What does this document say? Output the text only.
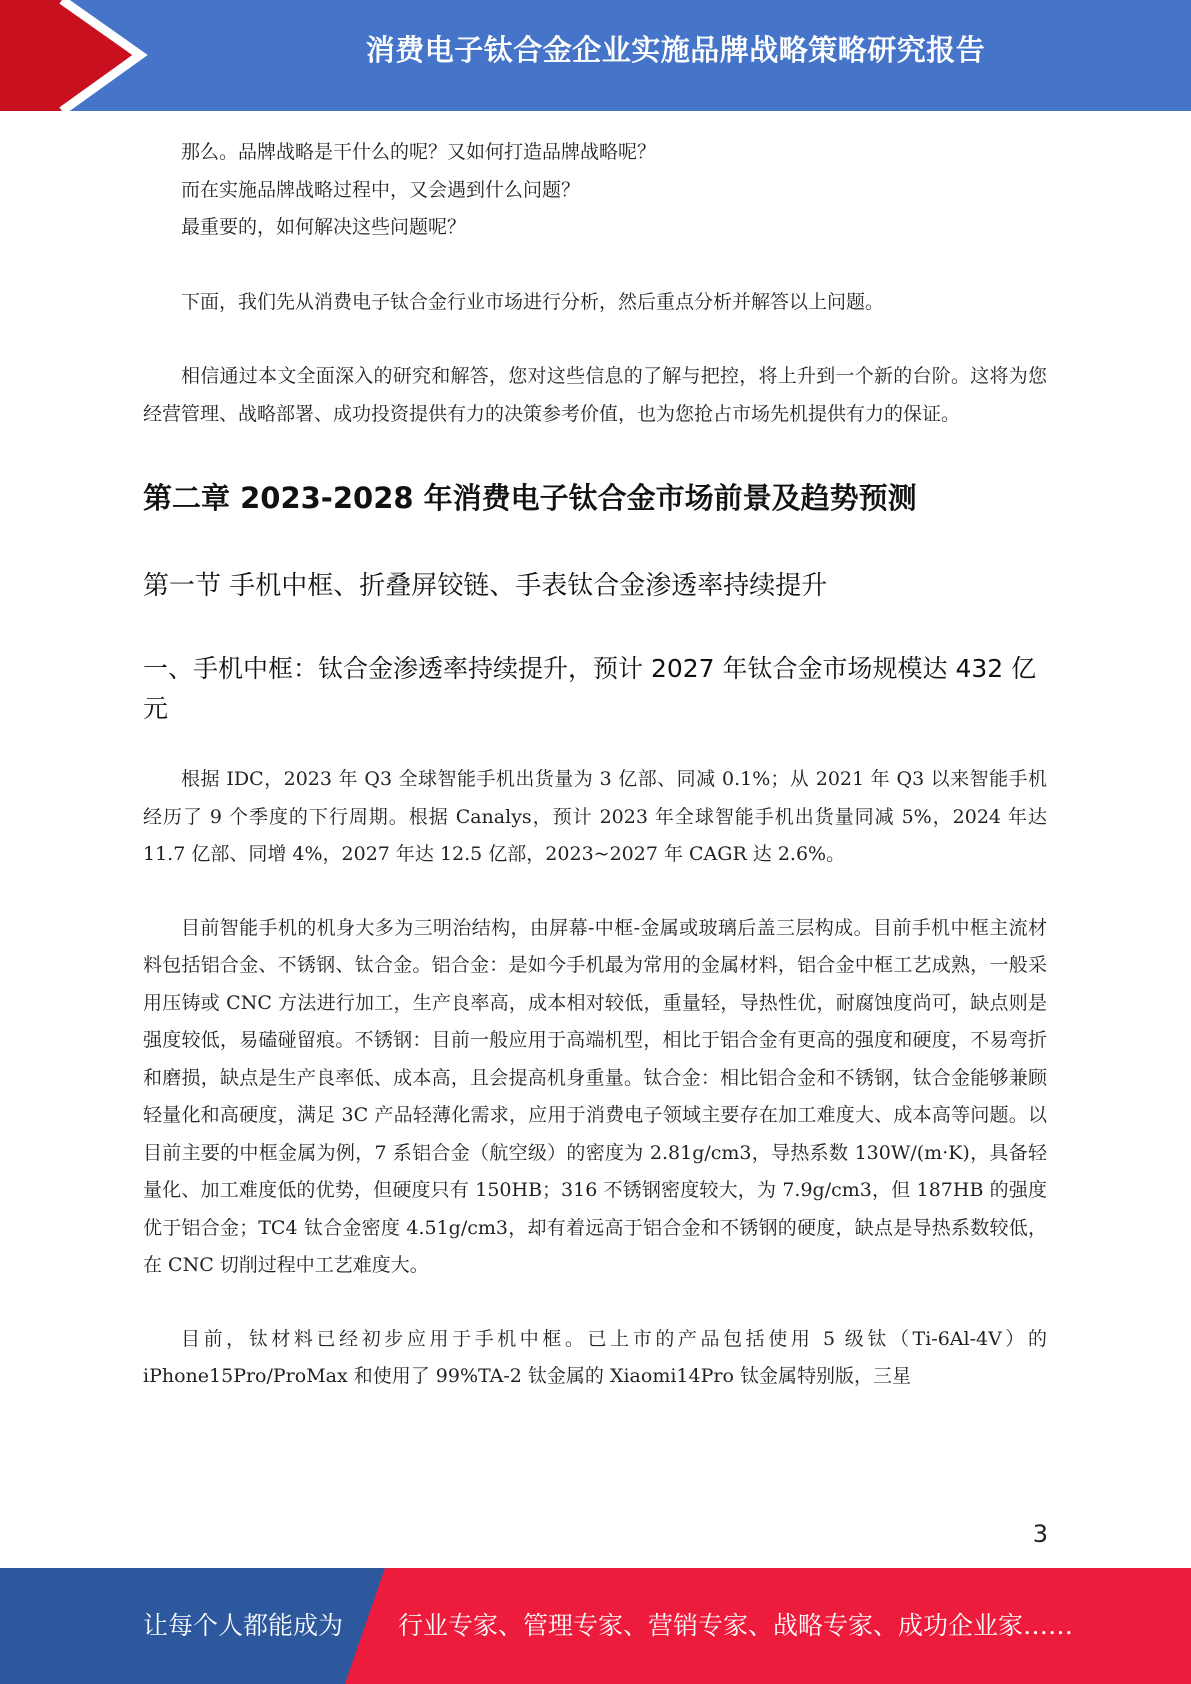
消费电子钛合金企业实施品牌战略策略研究报告

那么。品牌战略是干什么的呢？又如何打造品牌战略呢？

而在实施品牌战略过程中，又会遇到什么问题？

最重要的，如何解决这些问题呢？

下面，我们先从消费电子钛合金行业市场进行分析，然后重点分析并解答以上问题。

相信通过本文全面深入的研究和解答，您对这些信息的了解与把控，将上升到一个新的台阶。这将为您经营管理、战略部署、成功投资提供有力的决策参考价值，也为您抢占市场先机提供有力的保证。

第二章 2023-2028 年消费电子钛合金市场前景及趋势预测
第一节 手机中框、折叠屏铰链、手表钛合金渗透率持续提升
一、手机中框：钛合金渗透率持续提升，预计 2027 年钛合金市场规模达 432 亿元

根据 IDC，2023 年 Q3 全球智能手机出货量为 3 亿部、同减 0.1%；从 2021 年 Q3 以来智能手机经历了 9 个季度的下行周期。根据 Canalys，预计 2023 年全球智能手机出货量同减 5%，2024 年达 11.7 亿部、同增 4%，2027 年达 12.5 亿部，2023~2027 年 CAGR 达 2.6%。

目前智能手机的机身大多为三明治结构，由屏幕-中框-金属或玻璃后盖三层构成。目前手机中框主流材料包括铝合金、不锈钢、钛合金。铝合金：是如今手机最为常用的金属材料，铝合金中框工艺成熟，一般采用压铸或 CNC 方法进行加工，生产良率高，成本相对较低，重量轻，导热性优，耐腐蚀度尚可，缺点则是强度较低，易磕碰留痕。不锈钢：目前一般应用于高端机型，相比于铝合金有更高的强度和硬度，不易弯折和磨损，缺点是生产良率低、成本高，且会提高机身重量。钛合金：相比铝合金和不锈钢，钛合金能够兼顾轻量化和高硬度，满足 3C 产品轻薄化需求，应用于消费电子领域主要存在加工难度大、成本高等问题。以目前主要的中框金属为例，7 系铝合金（航空级）的密度为 2.81g/cm3，导热系数 130W/(m·K)，具备轻量化、加工难度低的优势，但硬度只有 150HB；316 不锈钢密度较大，为 7.9g/cm3，但 187HB 的强度优于铝合金；TC4 钛合金密度 4.51g/cm3，却有着远高于铝合金和不锈钢的硬度，缺点是导热系数较低，在 CNC 切削过程中工艺难度大。

目前，钛材料已经初步应用于手机中框。已上市的产品包括使用 5 级钛（Ti-6Al-4V）的 iPhone15Pro/ProMax 和使用了 99%TA-2 钛金属的 Xiaomi14Pro 钛金属特别版，三星

3
让每个人都能成为 行业专家、管理专家、营销专家、战略专家、成功企业家……
